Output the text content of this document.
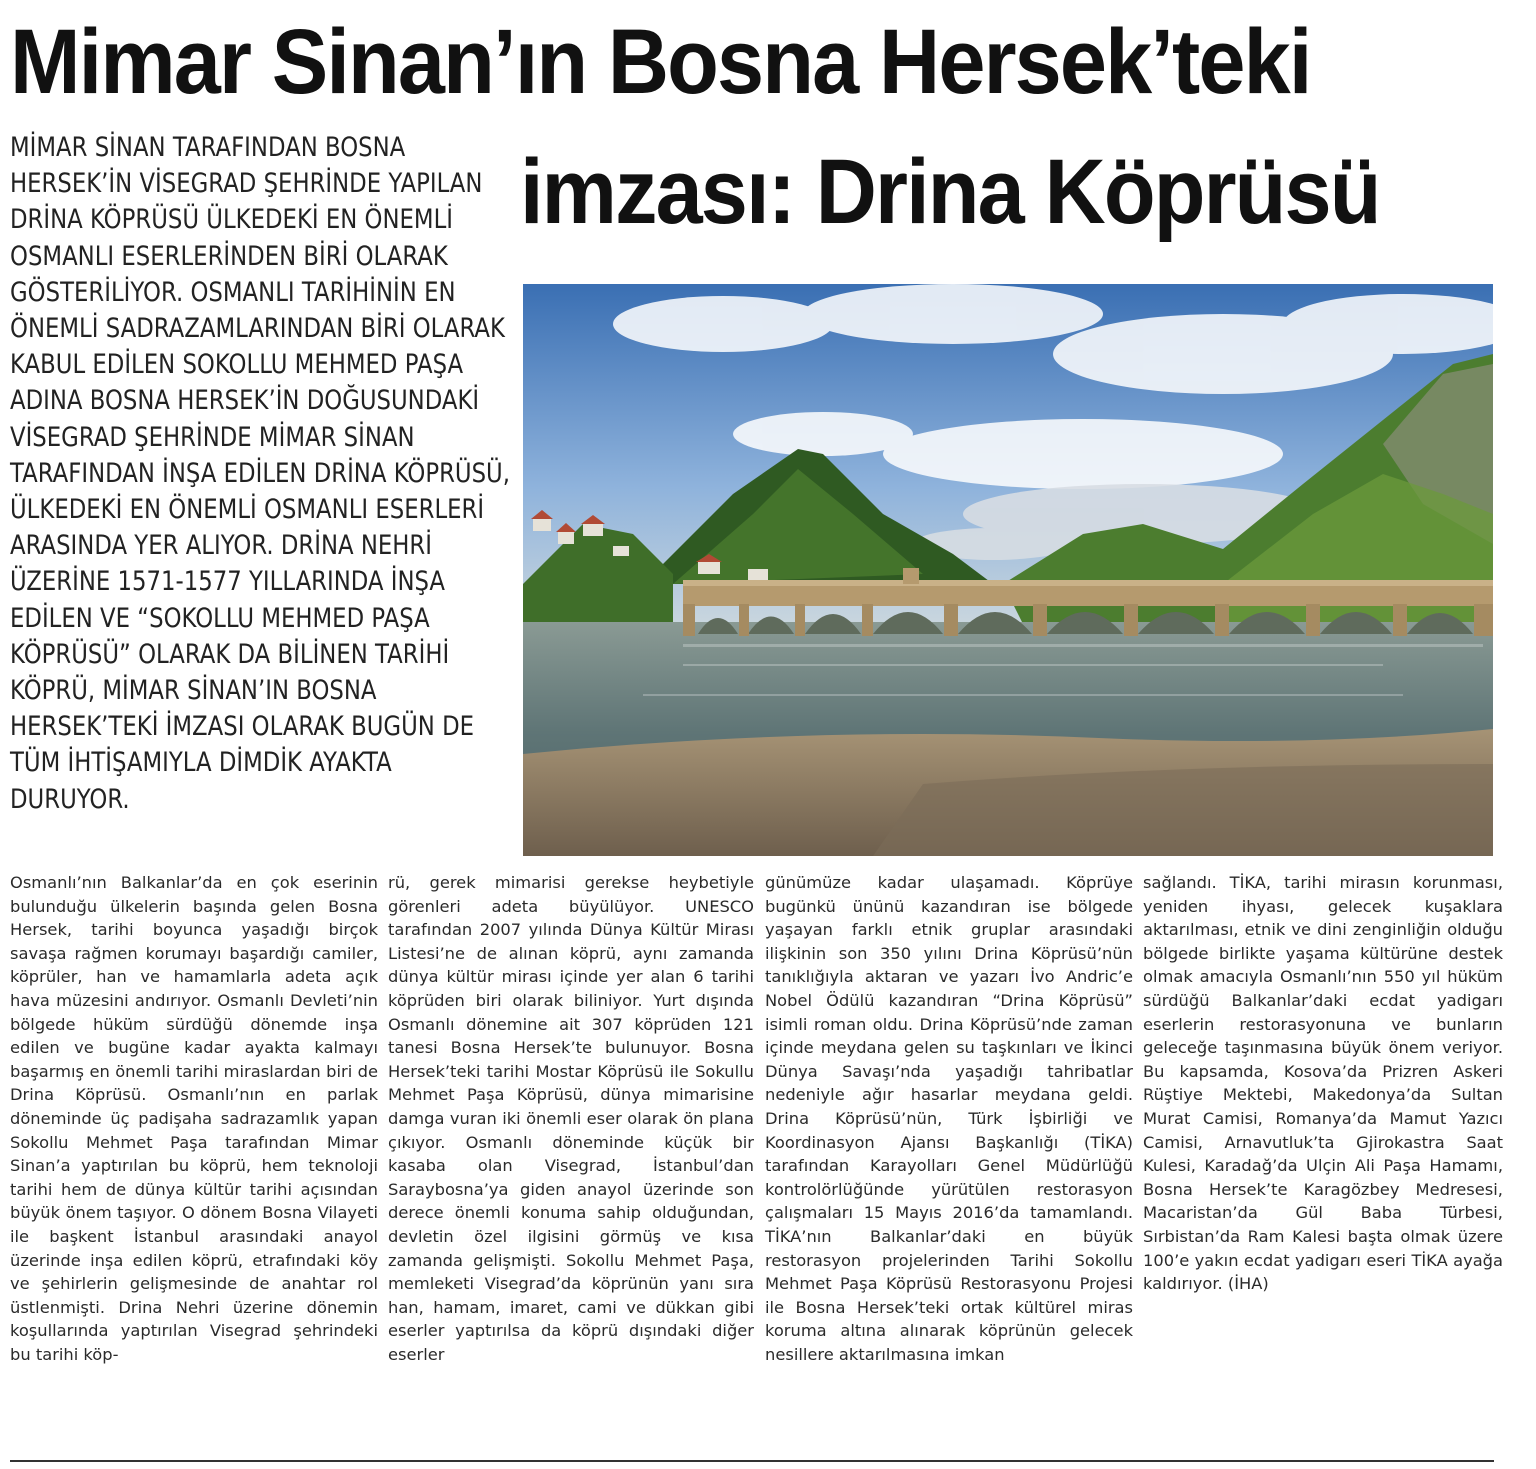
Mimar Sinan’ın Bosna Hersek’teki
imzası: Drina Köprüsü
MİMAR SİNAN TARAFINDAN BOSNA HERSEK’İN VİSEGRAD ŞEHRİNDE YAPILAN DRİNA KÖPRÜSÜ ÜLKEDEKİ EN ÖNEMLİ OSMANLI ESERLERİNDEN BİRİ OLARAK GÖSTERİLİYOR. OSMANLI TARİHİNİN EN ÖNEMLİ SADRAZAMLARINDAN BİRİ OLARAK KABUL EDİLEN SOKOLLU MEHMED PAŞA ADINA BOSNA HERSEK’İN DOĞUSUNDAKİ VİSEGRAD ŞEHRİNDE MİMAR SİNAN TARAFINDAN İNŞA EDİLEN DRİNA KÖPRÜSÜ, ÜLKEDEKİ EN ÖNEMLİ OSMANLI ESERLERİ ARASINDA YER ALIYOR. DRİNA NEHRİ ÜZERİNE 1571-1577 YILLARINDA İNŞA EDİLEN VE “SOKOLLU MEHMED PAŞA KÖPRÜSÜ” OLARAK DA BİLİNEN TARİHİ KÖPRÜ, MİMAR SİNAN’IN BOSNA HERSEK’TEKİ İMZASI OLARAK BUGÜN DE TÜM İHTİŞAMIYLA DİMDİK AYAKTA DURUYOR.

Osmanlı’nın Balkanlar’da en çok eserinin bulunduğu ülkelerin başında gelen Bosna Hersek, tarihi boyunca yaşadığı birçok savaşa rağmen korumayı başardığı camiler, köprüler, han ve hamamlarla adeta açık hava müzesini andırıyor. Osmanlı Devleti’nin bölgede hüküm sürdüğü dönemde inşa edilen ve bugüne kadar ayakta kalmayı başarmış en önemli tarihi miraslardan biri de Drina Köprüsü. Osmanlı’nın en parlak döneminde üç padişaha sadrazamlık yapan Sokollu Mehmet Paşa tarafından Mimar Sinan’a yaptırılan bu köprü, hem teknoloji tarihi hem de dünya kültür tarihi açısından büyük önem taşıyor. O dönem Bosna Vilayeti ile başkent İstanbul arasındaki anayol üzerinde inşa edilen köprü, etrafındaki köy ve şehirlerin gelişmesinde de anahtar rol üstlenmişti. Drina Nehri üzerine dönemin koşullarında yaptırılan Visegrad şehrindeki bu tarihi köp-

rü, gerek mimarisi gerekse heybetiyle görenleri adeta büyülüyor. UNESCO tarafından 2007 yılında Dünya Kültür Mirası Listesi’ne de alınan köprü, aynı zamanda dünya kültür mirası içinde yer alan 6 tarihi köprüden biri olarak biliniyor. Yurt dışında Osmanlı dönemine ait 307 köprüden 121 tanesi Bosna Hersek’te bulunuyor. Bosna Hersek’teki tarihi Mostar Köprüsü ile Sokullu Mehmet Paşa Köprüsü, dünya mimarisine damga vuran iki önemli eser olarak ön plana çıkıyor. Osmanlı döneminde küçük bir kasaba olan Visegrad, İstanbul’dan Saraybosna’ya giden anayol üzerinde son derece önemli konuma sahip olduğundan, devletin özel ilgisini görmüş ve kısa zamanda gelişmişti. Sokollu Mehmet Paşa, memleketi Visegrad’da köprünün yanı sıra han, hamam, imaret, cami ve dükkan gibi eserler yaptırılsa da köprü dışındaki diğer eserler

günümüze kadar ulaşamadı. Köprüye bugünkü ününü kazandıran ise bölgede yaşayan farklı etnik gruplar arasındaki ilişkinin son 350 yılını Drina Köprüsü’nün tanıklığıyla aktaran ve yazarı İvo Andric’e Nobel Ödülü kazandıran “Drina Köprüsü” isimli roman oldu. Drina Köprüsü’nde zaman içinde meydana gelen su taşkınları ve İkinci Dünya Savaşı’nda yaşadığı tahribatlar nedeniyle ağır hasarlar meydana geldi. Drina Köprüsü’nün, Türk İşbirliği ve Koordinasyon Ajansı Başkanlığı (TİKA) tarafından Karayolları Genel Müdürlüğü kontrolörlüğünde yürütülen restorasyon çalışmaları 15 Mayıs 2016’da tamamlandı. TİKA’nın Balkanlar’daki en büyük restorasyon projelerinden Tarihi Sokollu Mehmet Paşa Köprüsü Restorasyonu Projesi ile Bosna Hersek’teki ortak kültürel miras koruma altına alınarak köprünün gelecek nesillere aktarılmasına imkan

sağlandı. TİKA, tarihi mirasın korunması, yeniden ihyası, gelecek kuşaklara aktarılması, etnik ve dini zenginliğin olduğu bölgede birlikte yaşama kültürüne destek olmak amacıyla Osmanlı’nın 550 yıl hüküm sürdüğü Balkanlar’daki ecdat yadigarı eserlerin restorasyonuna ve bunların geleceğe taşınmasına büyük önem veriyor. Bu kapsamda, Kosova’da Prizren Askeri Rüştiye Mektebi, Makedonya’da Sultan Murat Camisi, Romanya’da Mamut Yazıcı Camisi, Arnavutluk’ta Gjirokastra Saat Kulesi, Karadağ’da Ulçin Ali Paşa Hamamı, Bosna Hersek’te Karagözbey Medresesi, Macaristan’da Gül Baba Türbesi, Sırbistan’da Ram Kalesi başta olmak üzere 100’e yakın ecdat yadigarı eseri TİKA ayağa kaldırıyor. (İHA)
